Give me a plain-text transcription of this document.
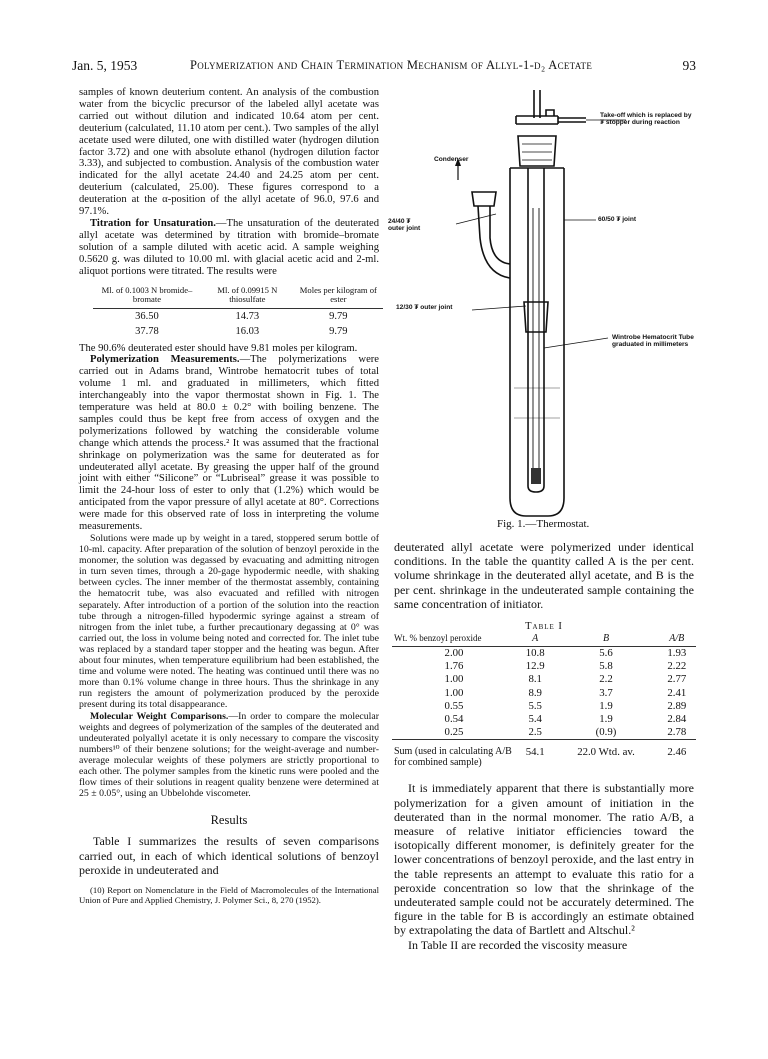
Jan. 5, 1953	Polymerization and Chain Termination Mechanism of Allyl-1-d₂ Acetate	93

samples of known deuterium content. An analysis of the combustion water from the bicyclic precursor of the labeled allyl acetate was carried out without dilution and indicated 10.64 atom per cent. deuterium (calculated, 11.10 atom per cent.). Two samples of the allyl acetate used were diluted, one with distilled water (hydrogen dilution factor 3.72) and one with absolute ethanol (hydrogen dilution factor 3.33), and subjected to combustion. Analysis of the combustion water indicated for the allyl acetate 24.40 and 24.25 atom per cent. deuterium (calculated, 25.00). These figures correspond to a deuteration at the α-position of the allyl acetate of 96.0, 97.6 and 97.1%.

Titration for Unsaturation.—The unsaturation of the deuterated allyl acetate was determined by titration with bromide–bromate solution of a sample diluted with acetic acid. A sample weighing 0.5620 g. was diluted to 10.00 ml. with glacial acetic acid and 2-ml. aliquot portions were titrated. The results were

Ml. of 0.1003 N bromide–bromate	Ml. of 0.09915 N thiosulfate	Moles per kilogram of ester
36.50	14.73	9.79
37.78	16.03	9.79

The 90.6% deuterated ester should have 9.81 moles per kilogram.

Polymerization Measurements.—The polymerizations were carried out in Adams brand, Wintrobe hematocrit tubes of total volume 1 ml. and graduated in millimeters, which fitted interchangeably into the vapor thermostat shown in Fig. 1. The temperature was held at 80.0 ± 0.2° with boiling benzene. The samples could thus be kept free from access of oxygen and the polymerizations followed by watching the considerable volume change which attends the process.² It was assumed that the fractional shrinkage on polymerization was the same for deuterated as for undeuterated allyl acetate. By greasing the upper half of the ground joint with either “Silicone” or “Lubriseal” grease it was possible to limit the 24-hour loss of ester to only that (1.2%) which would be anticipated from the vapor pressure of allyl acetate at 80°. Corrections were made for this observed rate of loss in interpreting the volume measurements.

Solutions were made up by weight in a tared, stoppered serum bottle of 10-ml. capacity. After preparation of the solution of benzoyl peroxide in the monomer, the solution was degassed by evacuating and admitting nitrogen in turn seven times, through a 20-gage hypodermic needle, with shaking between cycles. The inner member of the thermostat assembly, containing the hematocrit tube, was also evacuated and refilled with nitrogen separately. After introduction of a portion of the solution into the reaction tube through a nitrogen-filled hypodermic syringe against a stream of nitrogen from the inlet tube, a further precautionary degassing at 0° was carried out, the loss in volume being noted and corrected for. The inlet tube was replaced by a standard taper stopper and the heating was begun. After about four minutes, when temperature equilibrium had been established, the time and volume were noted. The heating was continued until there was no more than 0.1% volume change in three hours. Thus the shrinkage in any run registers the amount of polymerization produced by the peroxide present during its total disappearance.

Molecular Weight Comparisons.—In order to compare the molecular weights and degrees of polymerization of the samples of the deuterated and undeuterated polyallyl acetate it is only necessary to compare the viscosity numbers¹⁰ of their benzene solutions; for the weight-average and number-average molecular weights of these polymers are strictly proportional to each other. The polymer samples from the kinetic runs were pooled and the flow times of their solutions in reagent quality benzene were determined at 25 ± 0.05°, using an Ubbelohde viscometer.

Results

Table I summarizes the results of seven comparisons carried out, in each of which identical solutions of benzoyl peroxide in undeuterated and

(10) Report on Nomenclature in the Field of Macromolecules of the International Union of Pure and Applied Chemistry, J. Polymer Sci., 8, 270 (1952).

Take-off which is replaced by ₮ stopper during reaction
Condenser
24/40 ₮ outer joint
60/50 ₮ joint
12/30 ₮ outer joint
Wintrobe Hematocrit Tube graduated in millimeters
Fig. 1.—Thermostat.

deuterated allyl acetate were polymerized under identical conditions. In the table the quantity called A is the per cent. volume shrinkage in the deuterated allyl acetate, and B is the per cent. shrinkage in the undeuterated sample containing the same concentration of initiator.

Table I
Wt. % benzoyl peroxide	A	B	A/B
2.00	10.8	5.6	1.93
1.76	12.9	5.8	2.22
1.00	8.1	2.2	2.77
1.00	8.9	3.7	2.41
0.55	5.5	1.9	2.89
0.54	5.4	1.9	2.84
0.25	2.5	(0.9)	2.78
Sum (used in calculating A/B for combined sample)	54.1	22.0 Wtd. av.	2.46

It is immediately apparent that there is substantially more polymerization for a given amount of initiation in the deuterated than in the normal monomer. The ratio A/B, a measure of relative initiator efficiencies toward the isotopically different monomer, is definitely greater for the lower concentrations of benzoyl peroxide, and the last entry in the table represents an attempt to evaluate this ratio for a peroxide concentration so low that the shrinkage of the undeuterated sample could not be accurately determined. The figure in the table for B is accordingly an estimate obtained by extrapolating the data of Bartlett and Altschul.²

In Table II are recorded the viscosity measure
